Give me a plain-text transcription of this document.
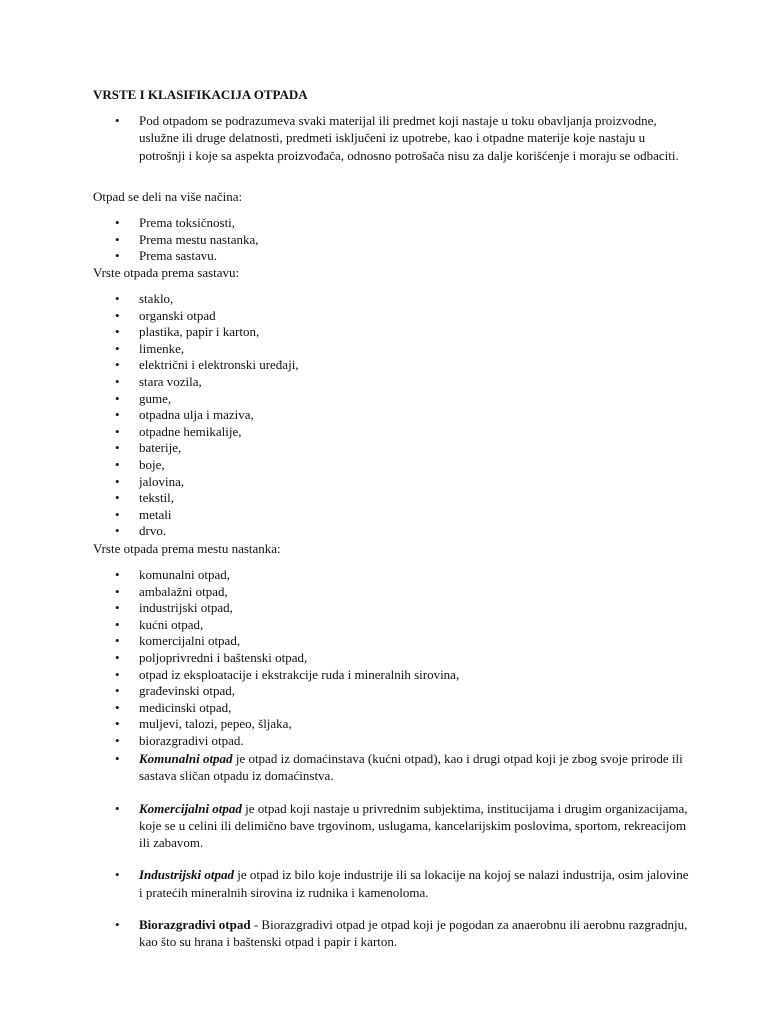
VRSTE I KLASIFIKACIJA OTPADA
• Pod otpadom se podrazumeva svaki materijal ili predmet koji nastaje u toku obavljanja proizvodne, uslužne ili druge delatnosti, predmeti isključeni iz upotrebe, kao i otpadne materije koje nastaju u potrošnji i koje sa aspekta proizvođača, odnosno potrošača nisu za dalje korišćenje i moraju se odbaciti.

Otpad se deli na više načina:

• Prema toksičnosti,
• Prema mestu nastanka,
• Prema sastavu.

Vrste otpada prema sastavu:

• staklo,
• organski otpad
• plastika, papir i karton,
• limenke,
• električni i elektronski uređaji,
• stara vozila,
• gume,
• otpadna ulja i maziva,
• otpadne hemikalije,
• baterije,
• boje,
• jalovina,
• tekstil,
• metali
• drvo.

Vrste otpada prema mestu nastanka:

• komunalni otpad,
• ambalažni otpad,
• industrijski otpad,
• kućni otpad,
• komercijalni otpad,
• poljoprivredni i baštenski otpad,
• otpad iz eksploatacije i ekstrakcije ruda i mineralnih sirovina,
• građevinski otpad,
• medicinski otpad,
• muljevi, talozi, pepeo, šljaka,
• biorazgradivi otpad.
• Komunalni otpad je otpad iz domaćinstava (kućni otpad), kao i drugi otpad koji je zbog svoje prirode ili sastava sličan otpadu iz domaćinstva.
• Komercijalni otpad je otpad koji nastaje u privrednim subjektima, institucijama i drugim organizacijama, koje se u celini ili delimično bave trgovinom, uslugama, kancelarijskim poslovima, sportom, rekreacijom ili zabavom.
• Industrijski otpad je otpad iz bilo koje industrije ili sa lokacije na kojoj se nalazi industrija, osim jalovine i pratećih mineralnih sirovina iz rudnika i kamenoloma.
• Biorazgradivi otpad - Biorazgradivi otpad je otpad koji je pogodan za anaerobnu ili aerobnu razgradnju, kao što su hrana i baštenski otpad i papir i karton.
